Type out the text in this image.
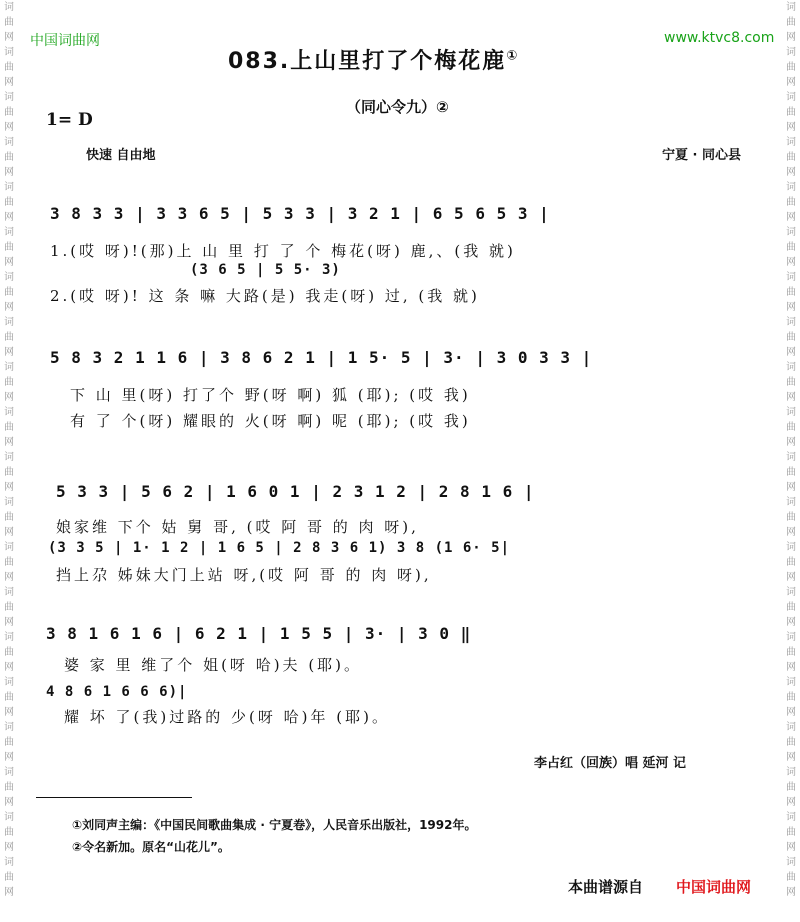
词曲网词曲网词曲网词曲网词曲网词曲网词曲网词曲网词曲网词曲网词曲网词曲网词曲网词曲网词曲网词曲网词曲网词曲网词曲网词曲网
词曲网词曲网词曲网词曲网词曲网词曲网词曲网词曲网词曲网词曲网词曲网词曲网词曲网词曲网词曲网词曲网词曲网词曲网词曲网词曲网
中国词曲网	www.ktvc8.com
083.上山里打了个梅花鹿①
（同心令九）②
1= D
快速 自由地	宁夏 · 同心县
3 8 3 3 | 3 3 6 5 | 5 3 3 | 3 2 1 | 6 5 6 5 3 |
1.(哎 呀)!(那)上 山 里 打 了 个 梅花(呀) 鹿,、(我 就)
(3 6 5 | 5 5· 3)
2.(哎 呀)! 这 条 嘛 大路(是) 我走(呀) 过, (我 就)
5 8 3 2 1 1 6 | 3 8 6 2 1 | 1 5· 5 | 3· | 3 0 3 3 |
下 山 里(呀) 打了个 野(呀 啊) 狐 (耶); (哎 我)
有 了 个(呀) 耀眼的 火(呀 啊) 呢 (耶); (哎 我)
5 3 3 | 5 6 2 | 1 6 0 1 | 2 3 1 2 | 2 8 1 6 |
娘家维 下个 姑 舅 哥, (哎 阿 哥 的 肉 呀),
(3 3 5 | 1· 1 2 | 1 6 5 | 2 8 3 6 1) 3 8 (1 6· 5|
挡上尕 姊妹大门上站 呀,(哎 阿 哥 的 肉 呀),
3 8 1 6 1 6 | 6 2 1 | 1 5 5 | 3· | 3 0 ‖
婆 家 里 维了个 姐(呀 哈)夫 (耶)。
4 8 6 1 6 6 6)|
耀 坏 了(我)过路的 少(呀 哈)年 (耶)。
李占红（回族）唱 延河 记
①刘同声主编：《中国民间歌曲集成 · 宁夏卷》，人民音乐出版社，1992年。
②令名新加。原名“山花儿”。
本曲谱源自 中国词曲网
